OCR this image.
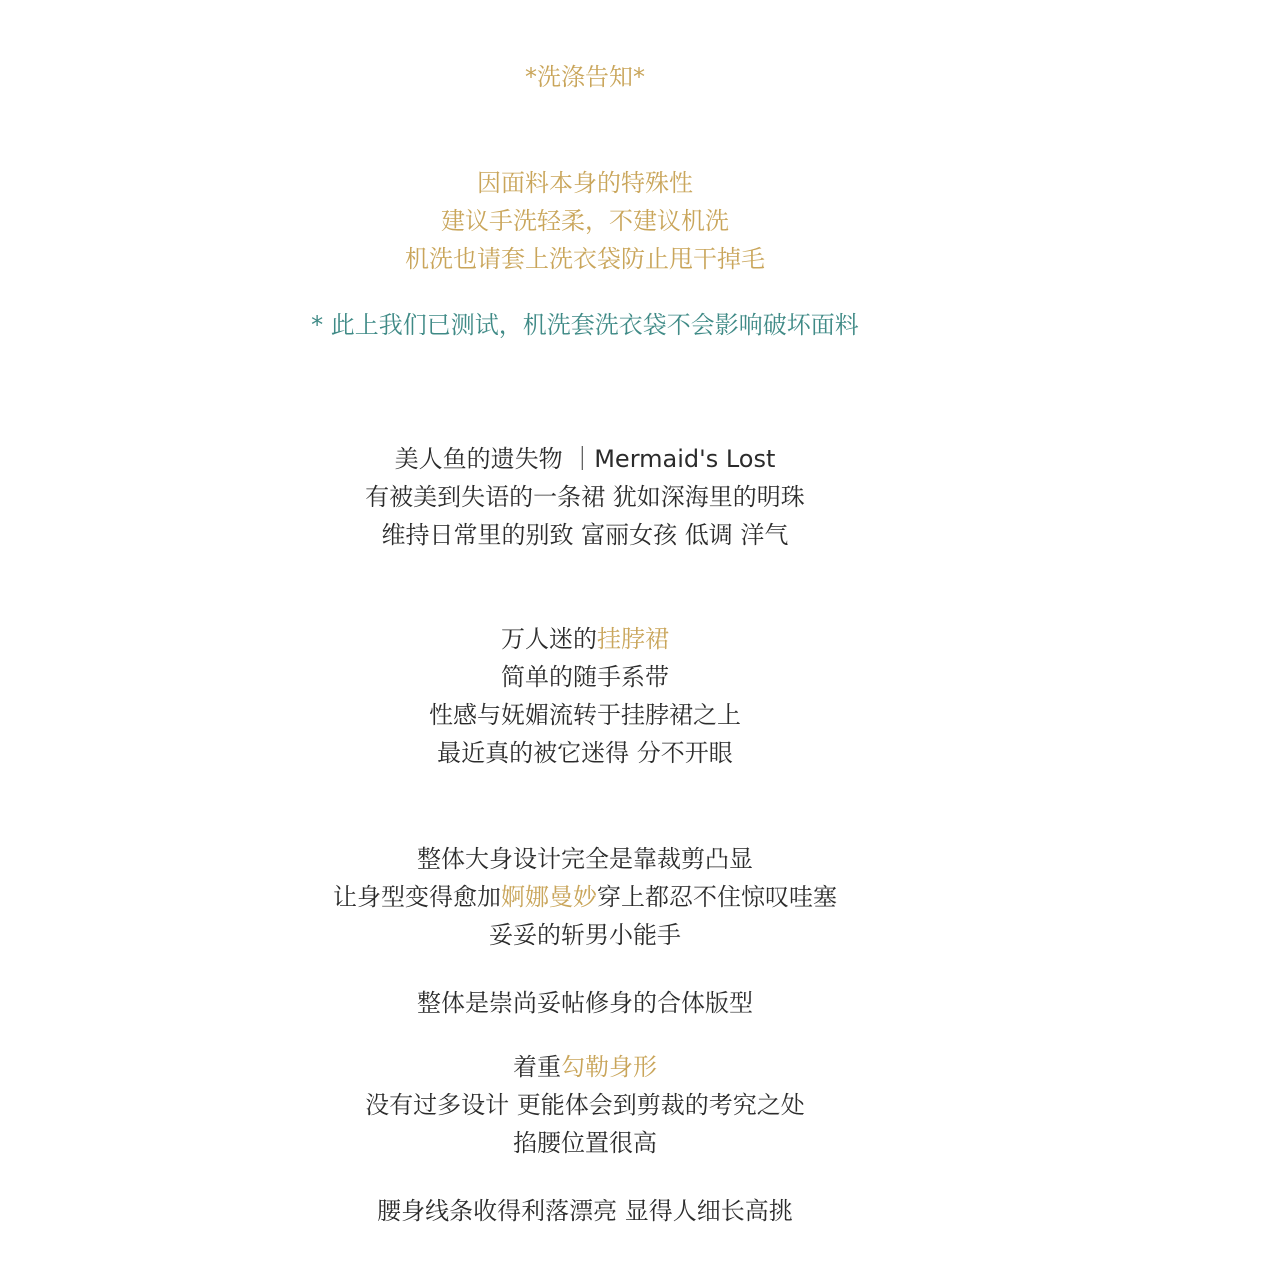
*洗涤告知*
因面料本身的特殊性
建议手洗轻柔，不建议机洗
机洗也请套上洗衣袋防止甩干掉毛
* 此上我们已测试，机洗套洗衣袋不会影响破坏面料
美人鱼的遗失物 ｜Mermaid's Lost
有被美到失语的一条裙 犹如深海里的明珠
维持日常里的别致 富丽女孩 低调 洋气
万人迷的挂脖裙
简单的随手系带
性感与妩媚流转于挂脖裙之上
最近真的被它迷得 分不开眼
整体大身设计完全是靠裁剪凸显
让身型变得愈加婀娜曼妙穿上都忍不住惊叹哇塞
妥妥的斩男小能手
整体是崇尚妥帖修身的合体版型
着重勾勒身形
没有过多设计 更能体会到剪裁的考究之处
掐腰位置很高
腰身线条收得利落漂亮 显得人细长高挑
